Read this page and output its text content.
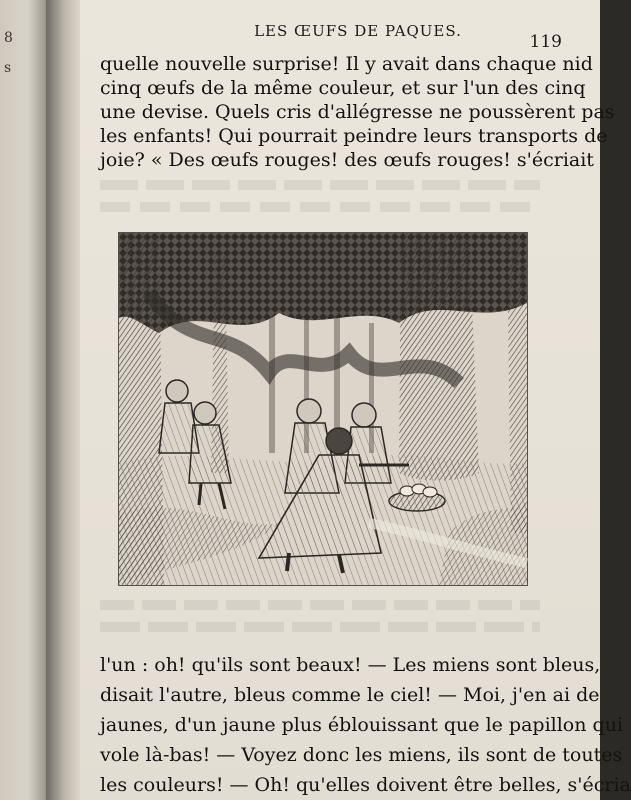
8
s
LES ŒUFS DE PAQUES.
119
quelle nouvelle surprise! Il y avait dans chaque nid
cinq œufs de la même couleur, et sur l'un des cinq
une devise. Quels cris d'allégresse ne poussèrent pas
les enfants! Qui pourrait peindre leurs transports de
joie? « Des œufs rouges! des œufs rouges! s'écriait
l'un : oh! qu'ils sont beaux! — Les miens sont bleus,
disait l'autre, bleus comme le ciel! — Moi, j'en ai de
jaunes, d'un jaune plus éblouissant que le papillon qui
vole là-bas! — Voyez donc les miens, ils sont de toutes
les couleurs! — Oh! qu'elles doivent être belles, s'écria
